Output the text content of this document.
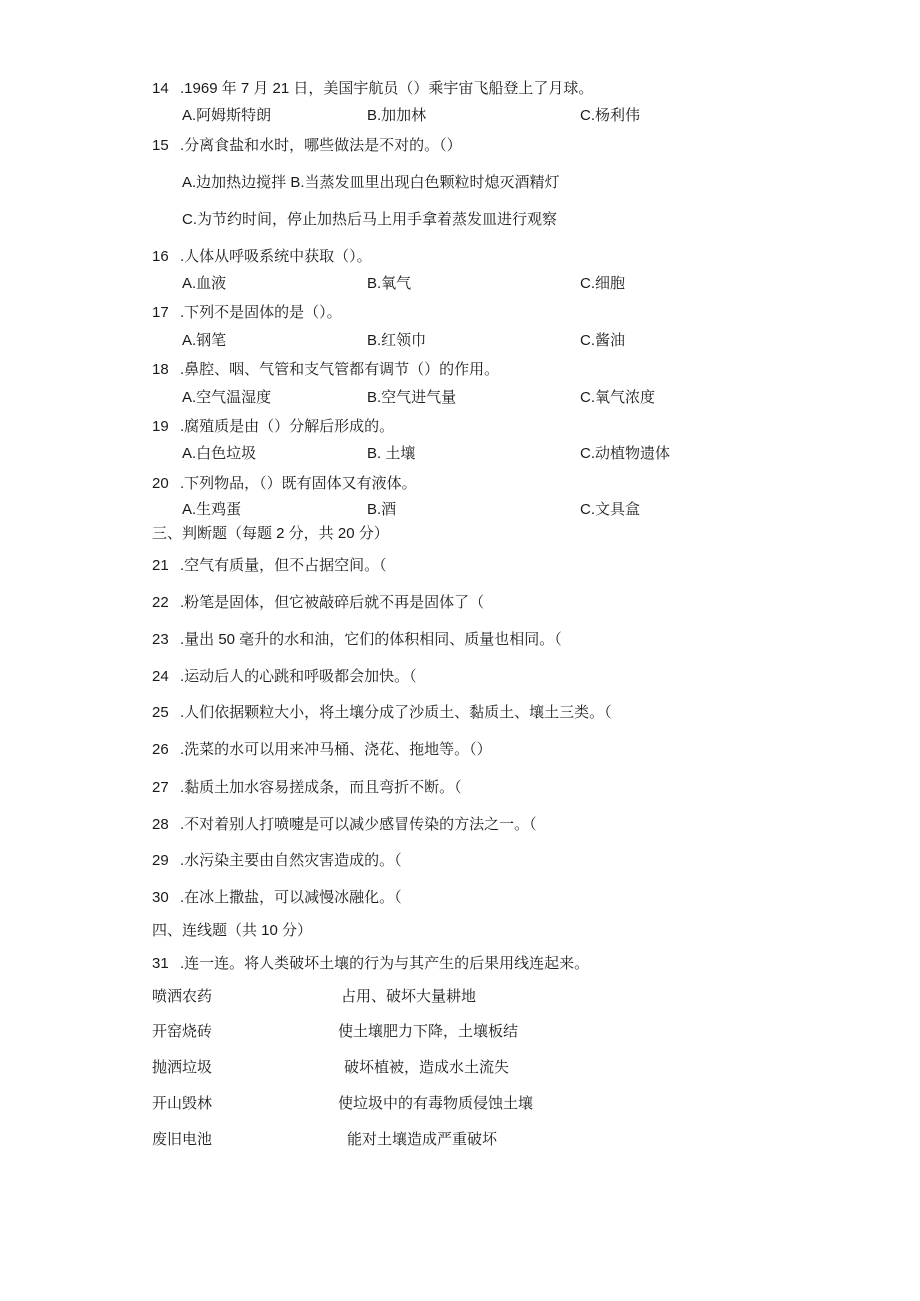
14 .1969 年 7 月 21 日，美国宇航员（）乘宇宙飞船登上了月球。
A.阿姆斯特朗	B.加加林	C.杨利伟
15 .分离食盐和水时，哪些做法是不对的。（）
A.边加热边搅拌 B.当蒸发皿里出现白色颗粒时熄灭酒精灯
C.为节约时间，停止加热后马上用手拿着蒸发皿进行观察
16 .人体从呼吸系统中获取（）。
A.血液	B.氧气	C.细胞
17 .下列不是固体的是（）。
A.钢笔	B.红领巾	C.酱油
18 .鼻腔、咽、气管和支气管都有调节（）的作用。
A.空气温湿度	B.空气进气量	C.氧气浓度
19 .腐殖质是由（）分解后形成的。
A.白色垃圾	B. 土壤	C.动植物遗体
20 .下列物品，（）既有固体又有液体。
A.生鸡蛋	B.酒	C.文具盒
三、判断题（每题 2 分，共 20 分）
21 .空气有质量，但不占据空间。（
22 .粉笔是固体，但它被敲碎后就不再是固体了（
23 .量出 50 毫升的水和油，它们的体积相同、质量也相同。（
24 .运动后人的心跳和呼吸都会加快。（
25 .人们依据颗粒大小，将土壤分成了沙质土、黏质土、壤土三类。（
26 .洗菜的水可以用来冲马桶、浇花、拖地等。（）
27 .黏质土加水容易搓成条，而且弯折不断。（
28 .不对着别人打喷嚏是可以减少感冒传染的方法之一。（
29 .水污染主要由自然灾害造成的。（
30 .在冰上撒盐，可以减慢冰融化。（
四、连线题（共 10 分）
31 .连一连。将人类破坏土壤的行为与其产生的后果用线连起来。
喷洒农药	占用、破坏大量耕地
开窑烧砖	使土壤肥力下降，土壤板结
抛洒垃圾	破坏植被，造成水土流失
开山毁林	使垃圾中的有毒物质侵蚀土壤
废旧电池	能对土壤造成严重破坏
